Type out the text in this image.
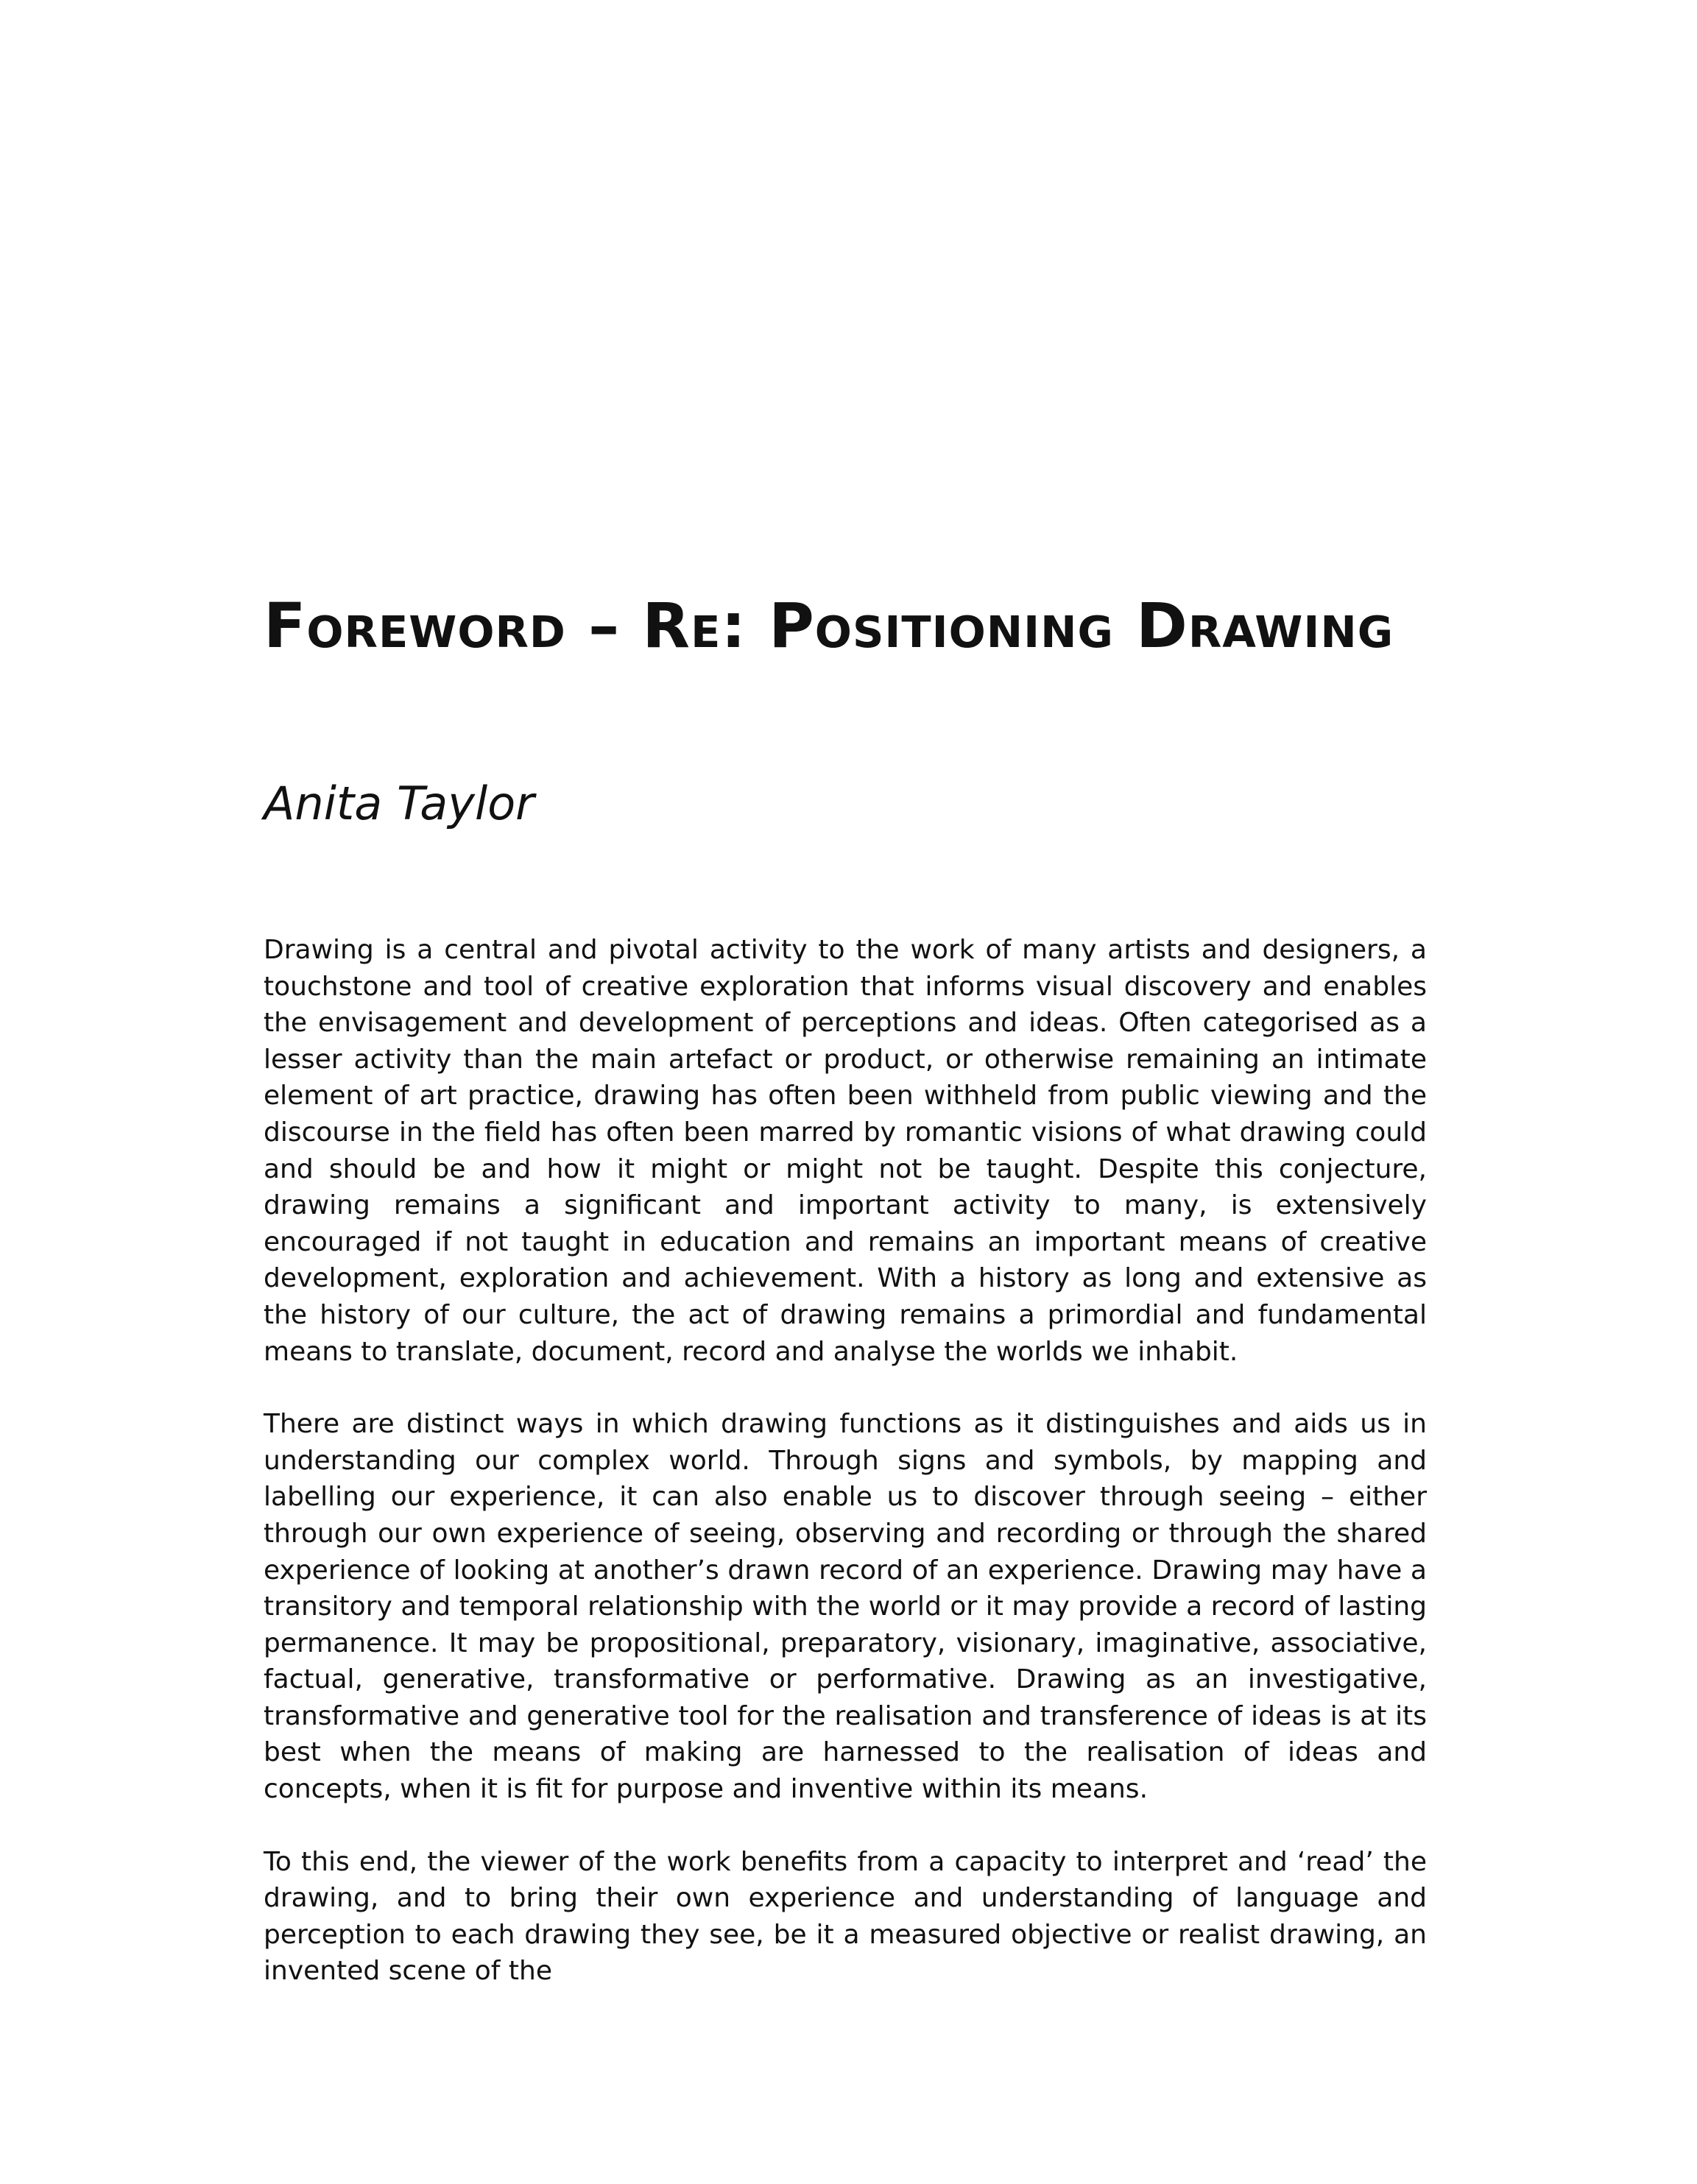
Foreword – Re: Positioning Drawing
Anita Taylor

Drawing is a central and pivotal activity to the work of many artists and designers, a touchstone and tool of creative exploration that informs visual discovery and enables the envisagement and development of perceptions and ideas. Often categorised as a lesser activity than the main artefact or product, or otherwise remaining an intimate element of art practice, drawing has often been withheld from public viewing and the discourse in the field has often been marred by romantic visions of what drawing could and should be and how it might or might not be taught. Despite this conjecture, drawing remains a significant and important activity to many, is extensively encouraged if not taught in education and remains an important means of creative development, exploration and achievement. With a history as long and extensive as the history of our culture, the act of drawing remains a primordial and fundamental means to translate, document, record and analyse the worlds we inhabit.

There are distinct ways in which drawing functions as it distinguishes and aids us in understanding our complex world. Through signs and symbols, by mapping and labelling our experience, it can also enable us to discover through seeing – either through our own experience of seeing, observing and recording or through the shared experience of looking at another’s drawn record of an experience. Drawing may have a transitory and temporal relationship with the world or it may provide a record of lasting permanence. It may be propositional, preparatory, visionary, imaginative, associative, factual, generative, transformative or performative. Drawing as an investigative, transformative and generative tool for the realisation and transference of ideas is at its best when the means of making are harnessed to the realisation of ideas and concepts, when it is fit for purpose and inventive within its means.

To this end, the viewer of the work benefits from a capacity to interpret and ‘read’ the drawing, and to bring their own experience and understanding of language and perception to each drawing they see, be it a measured objective or realist drawing, an invented scene of the
